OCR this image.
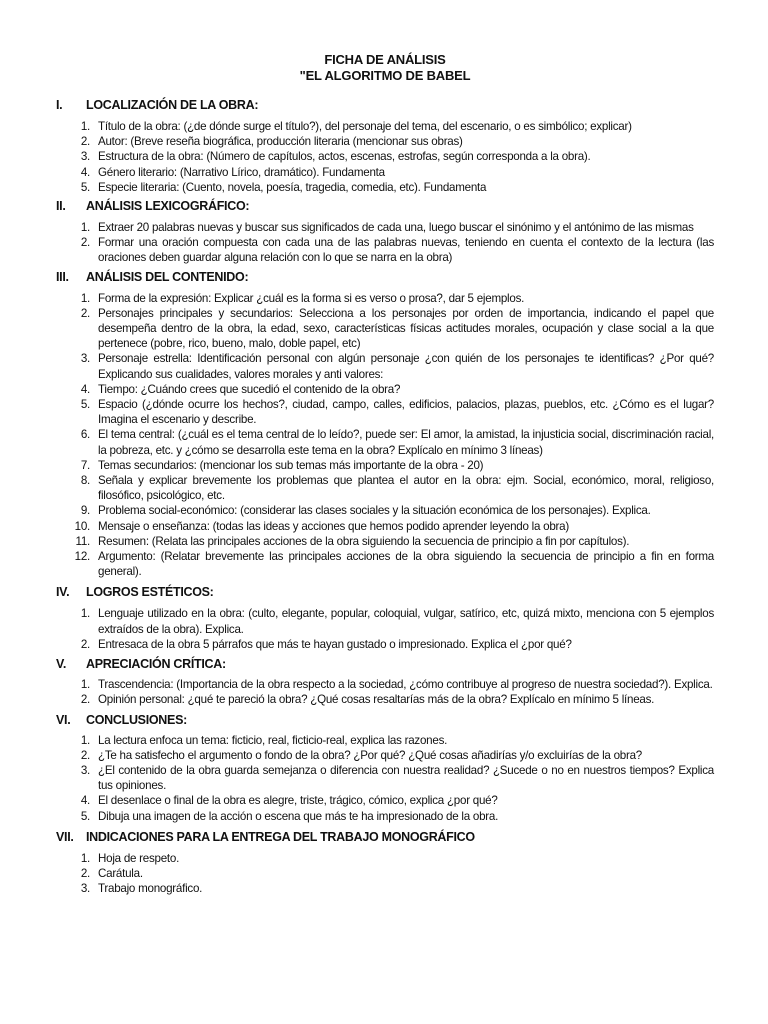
FICHA DE ANÁLISIS
"EL ALGORITMO DE BABEL
I.	LOCALIZACIÓN DE LA OBRA:
1. Título de la obra: (¿de dónde surge el título?), del personaje del tema, del escenario, o es simbólico; explicar)
2. Autor: (Breve reseña biográfica, producción literaria (mencionar sus obras)
3. Estructura de la obra: (Número de capítulos, actos, escenas, estrofas, según corresponda a la obra).
4. Género literario: (Narrativo Lírico, dramático). Fundamenta
5. Especie literaria: (Cuento, novela, poesía, tragedia, comedia, etc). Fundamenta
II.	ANÁLISIS LEXICOGRÁFICO:
1. Extraer 20 palabras nuevas y buscar sus significados de cada una, luego buscar el sinónimo y el antónimo de las mismas
2. Formar una oración compuesta con cada una de las palabras nuevas, teniendo en cuenta el contexto de la lectura (las oraciones deben guardar alguna relación con lo que se narra en la obra)
III.	ANÁLISIS DEL CONTENIDO:
1. Forma de la expresión: Explicar ¿cuál es la forma si es verso o prosa?, dar 5 ejemplos.
2. Personajes principales y secundarios: Selecciona a los personajes por orden de importancia, indicando el papel que desempeña dentro de la obra, la edad, sexo, características físicas actitudes morales, ocupación y clase social a la que pertenece (pobre, rico, bueno, malo, doble papel, etc)
3. Personaje estrella: Identificación personal con algún personaje ¿con quién de los personajes te identificas? ¿Por qué? Explicando sus cualidades, valores morales y anti valores:
4. Tiempo: ¿Cuándo crees que sucedió el contenido de la obra?
5. Espacio (¿dónde ocurre los hechos?, ciudad, campo, calles, edificios, palacios, plazas, pueblos, etc. ¿Cómo es el lugar? Imagina el escenario y describe.
6. El tema central: (¿cuál es el tema central de lo leído?, puede ser: El amor, la amistad, la injusticia social, discriminación racial, la pobreza, etc. y ¿cómo se desarrolla este tema en la obra? Explícalo en mínimo 3 líneas)
7. Temas secundarios: (mencionar los sub temas más importante de la obra - 20)
8. Señala y explicar brevemente los problemas que plantea el autor en la obra: ejm. Social, económico, moral, religioso, filosófico, psicológico, etc.
9. Problema social-económico: (considerar las clases sociales y la situación económica de los personajes). Explica.
10. Mensaje o enseñanza: (todas las ideas y acciones que hemos podido aprender leyendo la obra)
11. Resumen: (Relata las principales acciones de la obra siguiendo la secuencia de principio a fin por capítulos).
12. Argumento: (Relatar brevemente las principales acciones de la obra siguiendo la secuencia de principio a fin en forma general).
IV.	LOGROS ESTÉTICOS:
1. Lenguaje utilizado en la obra: (culto, elegante, popular, coloquial, vulgar, satírico, etc, quizá mixto, menciona con 5 ejemplos extraídos de la obra). Explica.
2. Entresaca de la obra 5 párrafos que más te hayan gustado o impresionado. Explica el ¿por qué?
V.	APRECIACIÓN CRÍTICA:
1. Trascendencia: (Importancia de la obra respecto a la sociedad, ¿cómo contribuye al progreso de nuestra sociedad?). Explica.
2. Opinión personal: ¿qué te pareció la obra? ¿Qué cosas resaltarías más de la obra? Explícalo en mínimo 5 líneas.
VI.	CONCLUSIONES:
1. La lectura enfoca un tema: ficticio, real, ficticio-real, explica las razones.
2. ¿Te ha satisfecho el argumento o fondo de la obra? ¿Por qué? ¿Qué cosas añadirías y/o excluirías de la obra?
3. ¿El contenido de la obra guarda semejanza o diferencia con nuestra realidad? ¿Sucede o no en nuestros tiempos? Explica tus opiniones.
4. El desenlace o final de la obra es alegre, triste, trágico, cómico, explica ¿por qué?
5. Dibuja una imagen de la acción o escena que más te ha impresionado de la obra.
VII. INDICACIONES PARA LA ENTREGA DEL TRABAJO MONOGRÁFICO
1. Hoja de respeto.
2. Carátula.
3. Trabajo monográfico.
